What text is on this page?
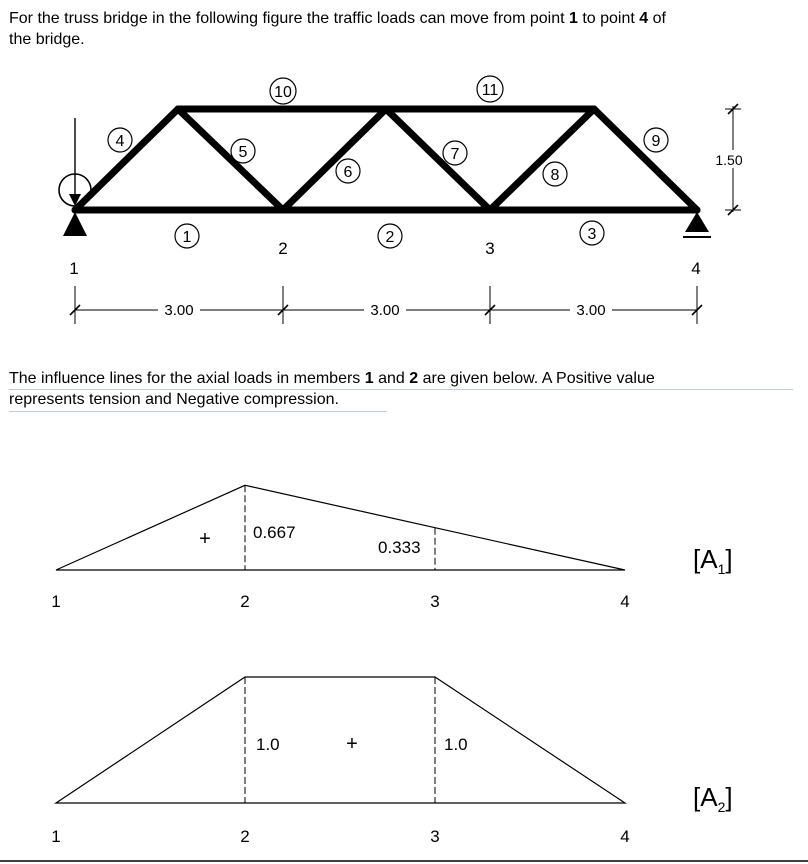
For the truss bridge in the following figure the traffic loads can move from point 1 to point 4 of
the bridge.
The influence lines for the axial loads in members 1 and 2 are given below. A Positive value
represents tension and Negative compression.
1	2	3
4
5
6
7
8
9
10	11
1
2	3
4
1.50
3.00	3.00	3.00
+ 0.667
0.333
1	2	3	4
$[A_1]$
+
1.0	1.0
1	2	3	4
$[A_2]$
